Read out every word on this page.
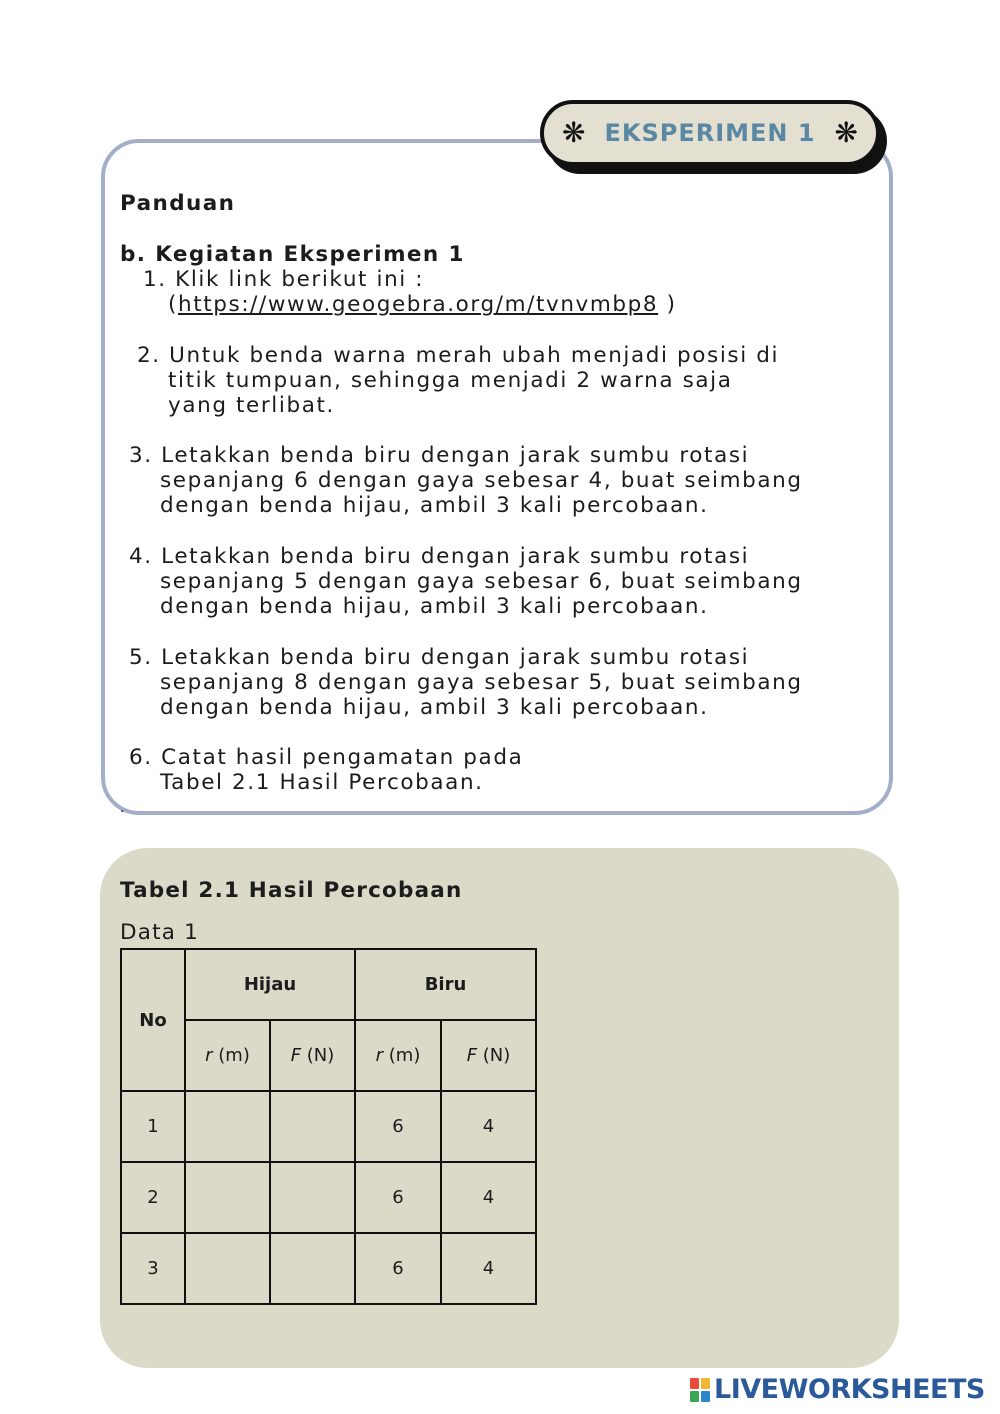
❋ EKSPERIMEN 1 ❋
Panduan
b. Kegiatan Eksperimen 1
1. Klik link berikut ini :
(https://www.geogebra.org/m/tvnvmbp8 )
2. Untuk benda warna merah ubah menjadi posisi di
titik tumpuan, sehingga menjadi 2 warna saja
yang terlibat.
3. Letakkan benda biru dengan jarak sumbu rotasi
sepanjang 6 dengan gaya sebesar 4, buat seimbang
dengan benda hijau, ambil 3 kali percobaan.
4. Letakkan benda biru dengan jarak sumbu rotasi
sepanjang 5 dengan gaya sebesar 6, buat seimbang
dengan benda hijau, ambil 3 kali percobaan.
5. Letakkan benda biru dengan jarak sumbu rotasi
sepanjang 8 dengan gaya sebesar 5, buat seimbang
dengan benda hijau, ambil 3 kali percobaan.
6. Catat hasil pengamatan pada
Tabel 2.1 Hasil Percobaan.
.
Tabel 2.1 Hasil Percobaan
Data 1
No	Hijau		Biru	
	r (m)	F (N)	r (m)	F (N)
1			6	4
2			6	4
3			6	4
LIVEWORKSHEETS
